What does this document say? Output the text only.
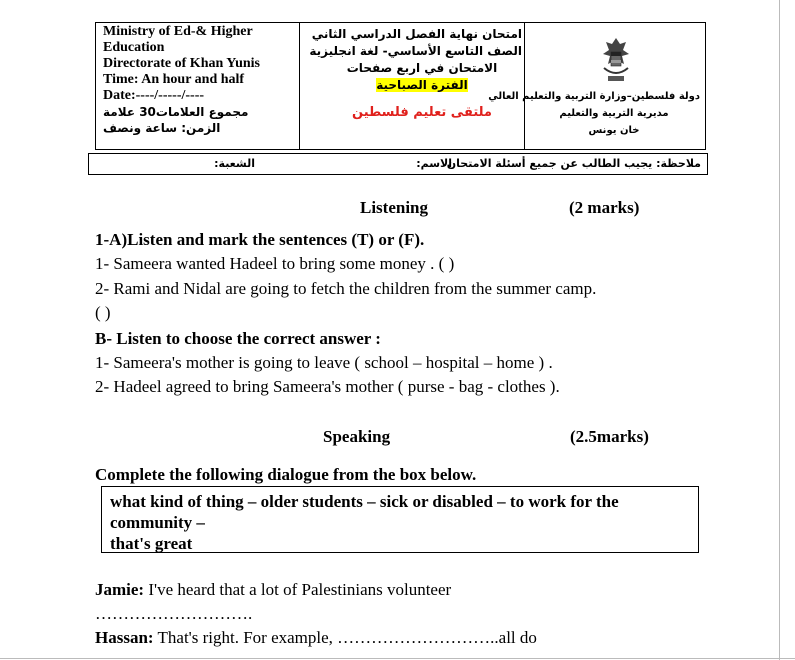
Ministry of Ed-& Higher
Education
Directorate of Khan Yunis
Time: An hour and half
Date:----/-----/----
مجموع العلامات30 علامة
الزمن: ساعة ونصف
امتحان نهاية الفصل الدراسي الثاني
الصف التاسع الأساسي- لغة انجليزية
الامتحان في اربع صفحات
الفترة الصباحية
ملتقى تعليم فلسطين
دولة فلسطين–وزارة التربية والتعليم العالي
مديرية التربية والتعليم
خان يونس
ملاحظة: يجيب الطالب عن جميع أسئلة الامتحان
الاسم:
الشعبة:
Listening	(2 marks)
1-A)Listen and mark the sentences (T) or (F).
1- Sameera wanted Hadeel to bring some money . ( )
2- Rami and Nidal are going to fetch the children from the summer camp.
( )
B- Listen to choose the correct answer :
1- Sameera's mother is going to leave ( school – hospital – home ) .
2- Hadeel agreed to bring Sameera's mother ( purse - bag - clothes ).
Speaking	(2.5marks)
Complete the following dialogue from the box below.
what kind of thing – older students – sick or disabled – to work for the
community –
that's great
Jamie: I've heard that a lot of Palestinians volunteer
……………………….
Hassan: That's right. For example, ………………………..all do
